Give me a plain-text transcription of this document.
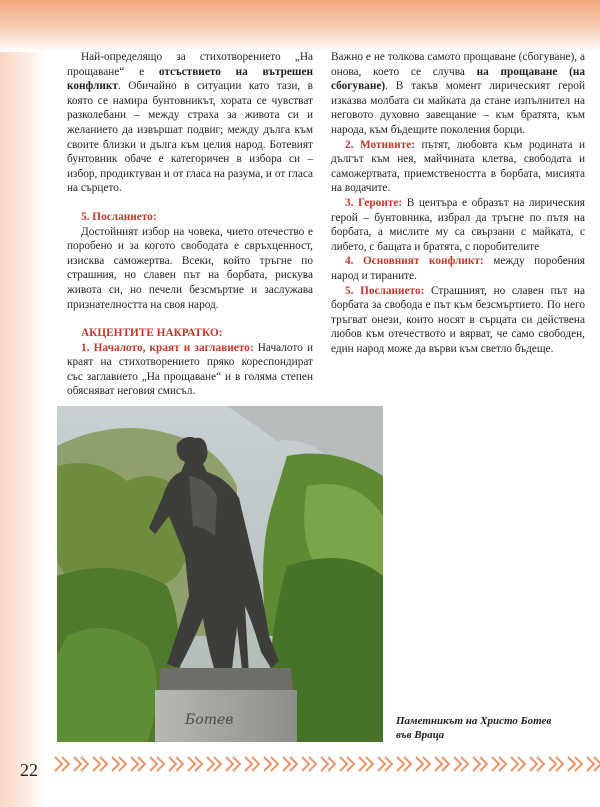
Най-определящо за стихотворението „На прощаване“ е отсъствието на вътрешен конфликт. Обичайно в ситуации като тази, в която се намира бунтовникът, хората се чувстват разколебани – между страха за живота си и желанието да извършат подвиг; между дълга към своите близки и дълга към целия народ. Ботевият бунтовник обаче е категоричен в избора си – избор, продиктуван и от гласа на разума, и от гласа на сърцето.

5. Посланието:

Достойният избор на човека, чието отечество е поробено и за когото свободата е свръхценност, изисква саможертва. Всеки, който тръгне по страшния, но славен път на борбата, рискува живота си, но печели безсмъртие и заслужава признателността на своя народ.

АКЦЕНТИТЕ НАКРАТКО:

1. Началото, краят и заглавието: Началото и краят на стихотворението пряко кореспондират със заглавието „На прощаване“ и в голяма степен обясняват неговия смисъл.

Важно е не толкова самото прощаване (сбогуване), а онова, което се случва на прощаване (на сбогуване). В такъв момент лирическият герой изказва молбата си майката да стане изпълнител на неговото духовно завещание – към братята, към народа, към бъдещите поколения борци.

2. Мотивите: пътят, любовта към родината и дългът към нея, майчината клетва, свободата и саможертвата, приемствеността в борбата, мисията на водачите.

3. Героите: В центъра е образът на лирическия герой – бунтовника, избрал да тръгне по пътя на борбата, а мислите му са свързани с майката, с либето, с бащата и братята, с поробителите

4. Основният конфликт: между поробения народ и тираните.

5. Посланието: Страшният, но славен път на борбата за свобода е път към безсмъртието. По него тръгват онези, които носят в сърцата си действена любов към отечеството и вярват, че само свободен, един народ може да върви към светло бъдеще.

Ботев	Паметникът на Христо Ботев
във Враца
22
